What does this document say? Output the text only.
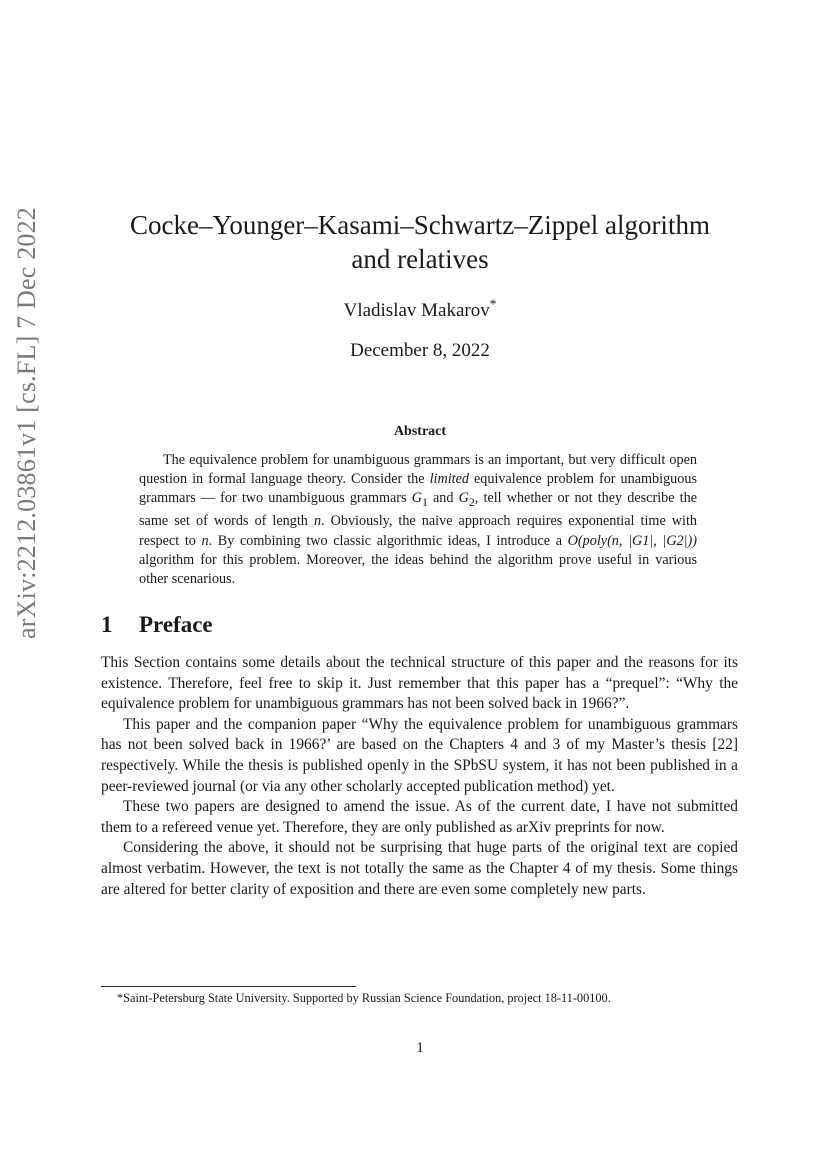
arXiv:2212.03861v1 [cs.FL] 7 Dec 2022	Cocke–Younger–Kasami–Schwartz–Zippel algorithm
and relatives
Vladislav Makarov*
December 8, 2022
Abstract

The equivalence problem for unambiguous grammars is an important, but very difficult open question in formal language theory. Consider the limited equivalence problem for unambiguous grammars — for two unambiguous grammars $G_1$ and $G_2$, tell whether or not they describe the same set of words of length n. Obviously, the naive approach requires exponential time with respect to n. By combining two classic algorithmic ideas, I introduce a O(poly(n, |G1|, |G2|)) algorithm for this problem. Moreover, the ideas behind the algorithm prove useful in various other scenarious.

1 Preface

This Section contains some details about the technical structure of this paper and the reasons for its existence. Therefore, feel free to skip it. Just remember that this paper has a “prequel”: “Why the equivalence problem for unambiguous grammars has not been solved back in 1966?”.

This paper and the companion paper “Why the equivalence problem for unambiguous grammars has not been solved back in 1966?’ are based on the Chapters 4 and 3 of my Master’s thesis [22] respectively. While the thesis is published openly in the SPbSU system, it has not been published in a peer-reviewed journal (or via any other scholarly accepted publication method) yet.

These two papers are designed to amend the issue. As of the current date, I have not submitted them to a refereed venue yet. Therefore, they are only published as arXiv preprints for now.

Considering the above, it should not be surprising that huge parts of the original text are copied almost verbatim. However, the text is not totally the same as the Chapter 4 of my thesis. Some things are altered for better clarity of exposition and there are even some completely new parts.

*Saint-Petersburg State University. Supported by Russian Science Foundation, project 18-11-00100.
1
